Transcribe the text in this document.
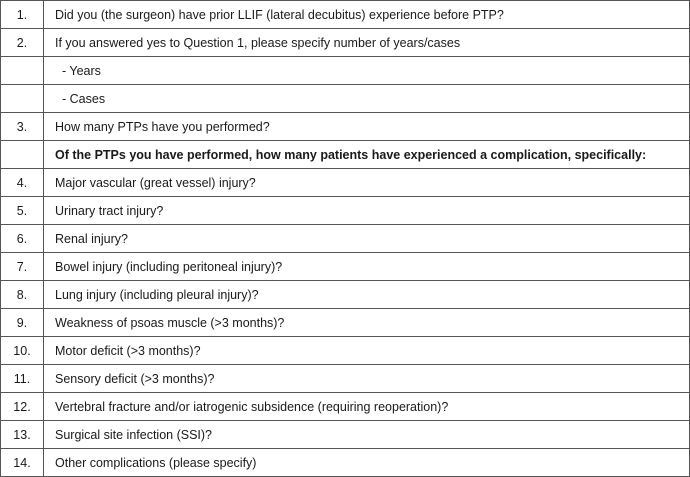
1.	Did you (the surgeon) have prior LLIF (lateral decubitus) experience before PTP?
2.	If you answered yes to Question 1, please specify number of years/cases
	- Years
	- Cases
3.	How many PTPs have you performed?
	Of the PTPs you have performed, how many patients have experienced a complication, specifically:
4.	Major vascular (great vessel) injury?
5.	Urinary tract injury?
6.	Renal injury?
7.	Bowel injury (including peritoneal injury)?
8.	Lung injury (including pleural injury)?
9.	Weakness of psoas muscle (>3 months)?
10.	Motor deficit (>3 months)?
11.	Sensory deficit (>3 months)?
12.	Vertebral fracture and/or iatrogenic subsidence (requiring reoperation)?
13.	Surgical site infection (SSI)?
14.	Other complications (please specify)
